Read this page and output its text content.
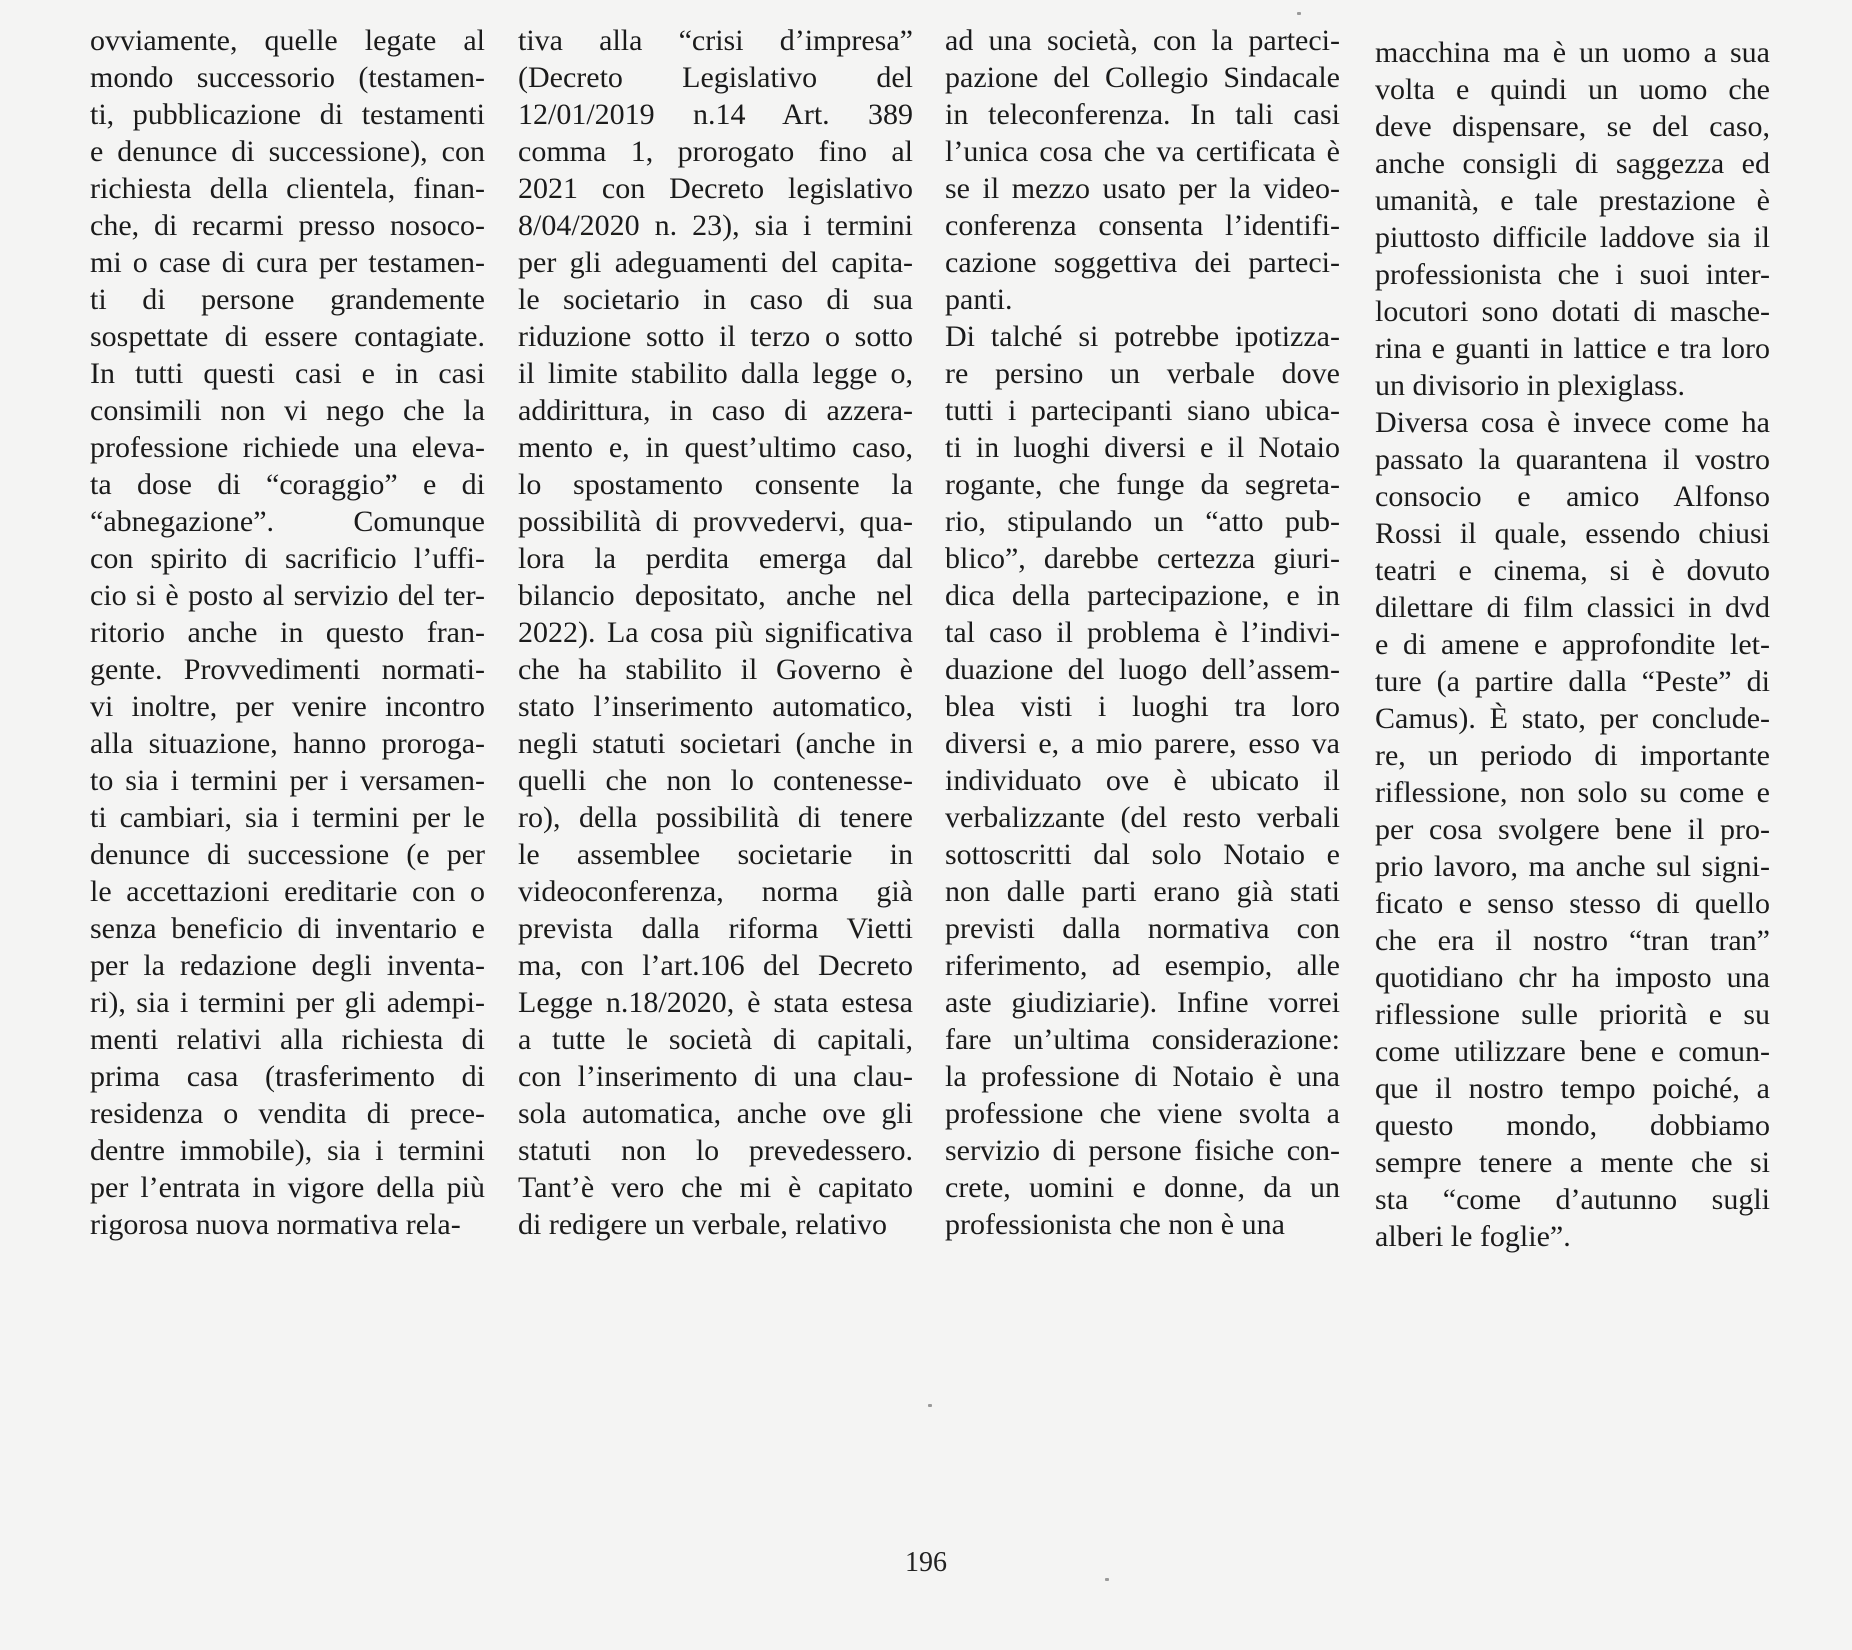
ovviamente, quelle legate al
mondo successorio (testamen-
ti, pubblicazione di testamenti
e denunce di successione), con
richiesta della clientela, finan-
che, di recarmi presso nosoco-
mi o case di cura per testamen-
ti di persone grandemente
sospettate di essere contagiate.
In tutti questi casi e in casi
consimili non vi nego che la
professione richiede una eleva-
ta dose di “coraggio” e di
“abnegazione”. Comunque
con spirito di sacrificio l’uffi-
cio si è posto al servizio del ter-
ritorio anche in questo fran-
gente. Provvedimenti normati-
vi inoltre, per venire incontro
alla situazione, hanno proroga-
to sia i termini per i versamen-
ti cambiari, sia i termini per le
denunce di successione (e per
le accettazioni ereditarie con o
senza beneficio di inventario e
per la redazione degli inventa-
ri), sia i termini per gli adempi-
menti relativi alla richiesta di
prima casa (trasferimento di
residenza o vendita di prece-
dentre immobile), sia i termini
per l’entrata in vigore della più
rigorosa nuova normativa rela-
tiva alla “crisi d’impresa”
(Decreto Legislativo del
12/01/2019 n.14 Art. 389
comma 1, prorogato fino al
2021 con Decreto legislativo
8/04/2020 n. 23), sia i termini
per gli adeguamenti del capita-
le societario in caso di sua
riduzione sotto il terzo o sotto
il limite stabilito dalla legge o,
addirittura, in caso di azzera-
mento e, in quest’ultimo caso,
lo spostamento consente la
possibilità di provvedervi, qua-
lora la perdita emerga dal
bilancio depositato, anche nel
2022). La cosa più significativa
che ha stabilito il Governo è
stato l’inserimento automatico,
negli statuti societari (anche in
quelli che non lo contenesse-
ro), della possibilità di tenere
le assemblee societarie in
videoconferenza, norma già
prevista dalla riforma Vietti
ma, con l’art.106 del Decreto
Legge n.18/2020, è stata estesa
a tutte le società di capitali,
con l’inserimento di una clau-
sola automatica, anche ove gli
statuti non lo prevedessero.
Tant’è vero che mi è capitato
di redigere un verbale, relativo
ad una società, con la parteci-
pazione del Collegio Sindacale
in teleconferenza. In tali casi
l’unica cosa che va certificata è
se il mezzo usato per la video-
conferenza consenta l’identifi-
cazione soggettiva dei parteci-
panti.
Di talché si potrebbe ipotizza-
re persino un verbale dove
tutti i partecipanti siano ubica-
ti in luoghi diversi e il Notaio
rogante, che funge da segreta-
rio, stipulando un “atto pub-
blico”, darebbe certezza giuri-
dica della partecipazione, e in
tal caso il problema è l’indivi-
duazione del luogo dell’assem-
blea visti i luoghi tra loro
diversi e, a mio parere, esso va
individuato ove è ubicato il
verbalizzante (del resto verbali
sottoscritti dal solo Notaio e
non dalle parti erano già stati
previsti dalla normativa con
riferimento, ad esempio, alle
aste giudiziarie). Infine vorrei
fare un’ultima considerazione:
la professione di Notaio è una
professione che viene svolta a
servizio di persone fisiche con-
crete, uomini e donne, da un
professionista che non è una
macchina ma è un uomo a sua
volta e quindi un uomo che
deve dispensare, se del caso,
anche consigli di saggezza ed
umanità, e tale prestazione è
piuttosto difficile laddove sia il
professionista che i suoi inter-
locutori sono dotati di masche-
rina e guanti in lattice e tra loro
un divisorio in plexiglass.
Diversa cosa è invece come ha
passato la quarantena il vostro
consocio e amico Alfonso
Rossi il quale, essendo chiusi
teatri e cinema, si è dovuto
dilettare di film classici in dvd
e di amene e approfondite let-
ture (a partire dalla “Peste” di
Camus). È stato, per conclude-
re, un periodo di importante
riflessione, non solo su come e
per cosa svolgere bene il pro-
prio lavoro, ma anche sul signi-
ficato e senso stesso di quello
che era il nostro “tran tran”
quotidiano chr ha imposto una
riflessione sulle priorità e su
come utilizzare bene e comun-
que il nostro tempo poiché, a
questo mondo, dobbiamo
sempre tenere a mente che si
sta “come d’autunno sugli
alberi le foglie”.
196
